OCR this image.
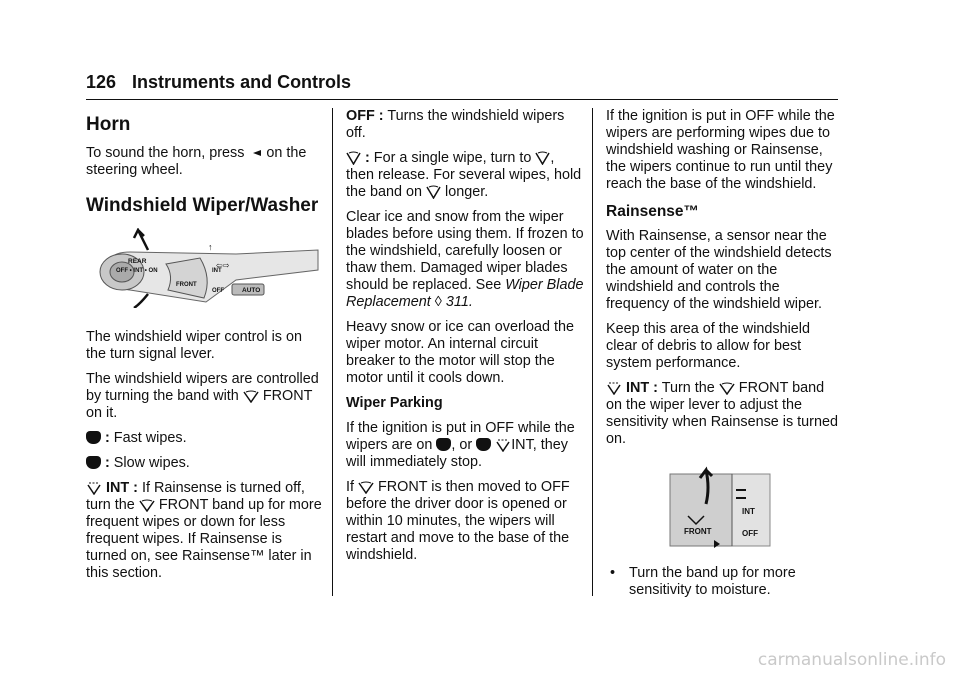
126 Instruments and Controls
Horn

To sound the horn, press on the steering wheel.

Windshield Wiper/Washer
REAR
OFF • INT • ON
FRONT
INT
OFF	AUTO
↑
⇦⇨

The windshield wiper control is on the turn signal lever.

The windshield wipers are controlled by turning the band with FRONT on it.

: Fast wipes.

: Slow wipes.

INT : If Rainsense is turned off, turn the FRONT band up for more frequent wipes or down for less frequent wipes. If Rainsense is turned on, see Rainsense™ later in this section.

OFF : Turns the windshield wipers off.

: For a single wipe, turn to , then release. For several wipes, hold the band on longer.

Clear ice and snow from the wiper blades before using them. If frozen to the windshield, carefully loosen or thaw them. Damaged wiper blades should be replaced. See Wiper Blade Replacement ◊ 311.

Heavy snow or ice can overload the wiper motor. An internal circuit breaker to the motor will stop the motor until it cools down.

Wiper Parking

If the ignition is put in OFF while the wipers are on , or	INT, they will immediately stop.

If FRONT is then moved to OFF before the driver door is opened or within 10 minutes, the wipers will restart and move to the base of the windshield.

If the ignition is put in OFF while the wipers are performing wipes due to windshield washing or Rainsense, the wipers continue to run until they reach the base of the windshield.

Rainsense™

With Rainsense, a sensor near the top center of the windshield detects the amount of water on the windshield and controls the frequency of the windshield wiper.

Keep this area of the windshield clear of debris to allow for best system performance.

INT : Turn the FRONT band on the wiper lever to adjust the sensitivity when Rainsense is turned on.

FRONT
INT
OFF
• Turn the band up for more sensitivity to moisture.
carmanualsonline.info
